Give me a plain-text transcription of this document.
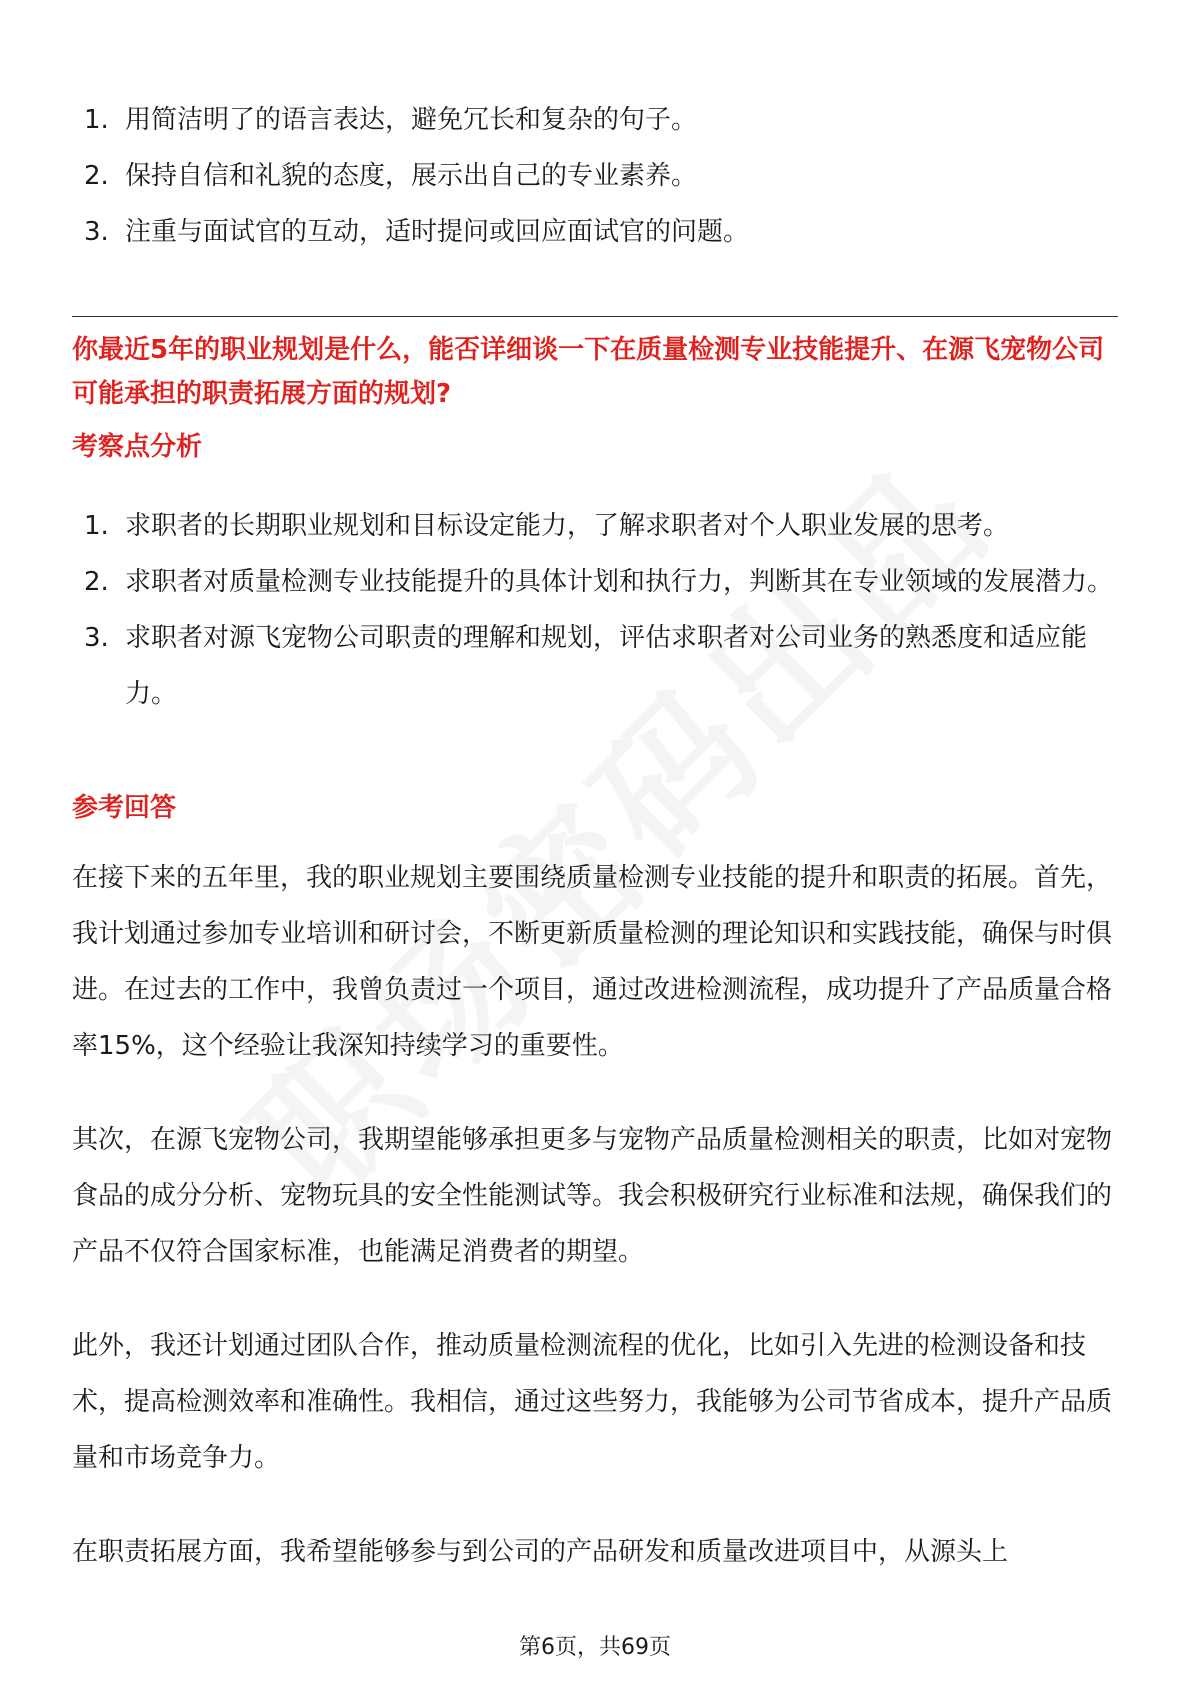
1. 用简洁明了的语言表达，避免冗长和复杂的句子。
2. 保持自信和礼貌的态度，展示出自己的专业素养。
3. 注重与面试官的互动，适时提问或回应面试官的问题。
你最近5年的职业规划是什么，能否详细谈一下在质量检测专业技能提升、在源飞宠物公司可能承担的职责拓展方面的规划?
考察点分析
1. 求职者的长期职业规划和目标设定能力，了解求职者对个人职业发展的思考。
2. 求职者对质量检测专业技能提升的具体计划和执行力，判断其在专业领域的发展潜力。
3. 求职者对源飞宠物公司职责的理解和规划，评估求职者对公司业务的熟悉度和适应能力。
参考回答

在接下来的五年里，我的职业规划主要围绕质量检测专业技能的提升和职责的拓展。首先，我计划通过参加专业培训和研讨会，不断更新质量检测的理论知识和实践技能，确保与时俱进。在过去的工作中，我曾负责过一个项目，通过改进检测流程，成功提升了产品质量合格率15%，这个经验让我深知持续学习的重要性。

其次，在源飞宠物公司，我期望能够承担更多与宠物产品质量检测相关的职责，比如对宠物食品的成分分析、宠物玩具的安全性能测试等。我会积极研究行业标准和法规，确保我们的产品不仅符合国家标准，也能满足消费者的期望。

此外，我还计划通过团队合作，推动质量检测流程的优化，比如引入先进的检测设备和技术，提高检测效率和准确性。我相信，通过这些努力，我能够为公司节省成本，提升产品质量和市场竞争力。

在职责拓展方面，我希望能够参与到公司的产品研发和质量改进项目中，从源头上

第6页，共69页
